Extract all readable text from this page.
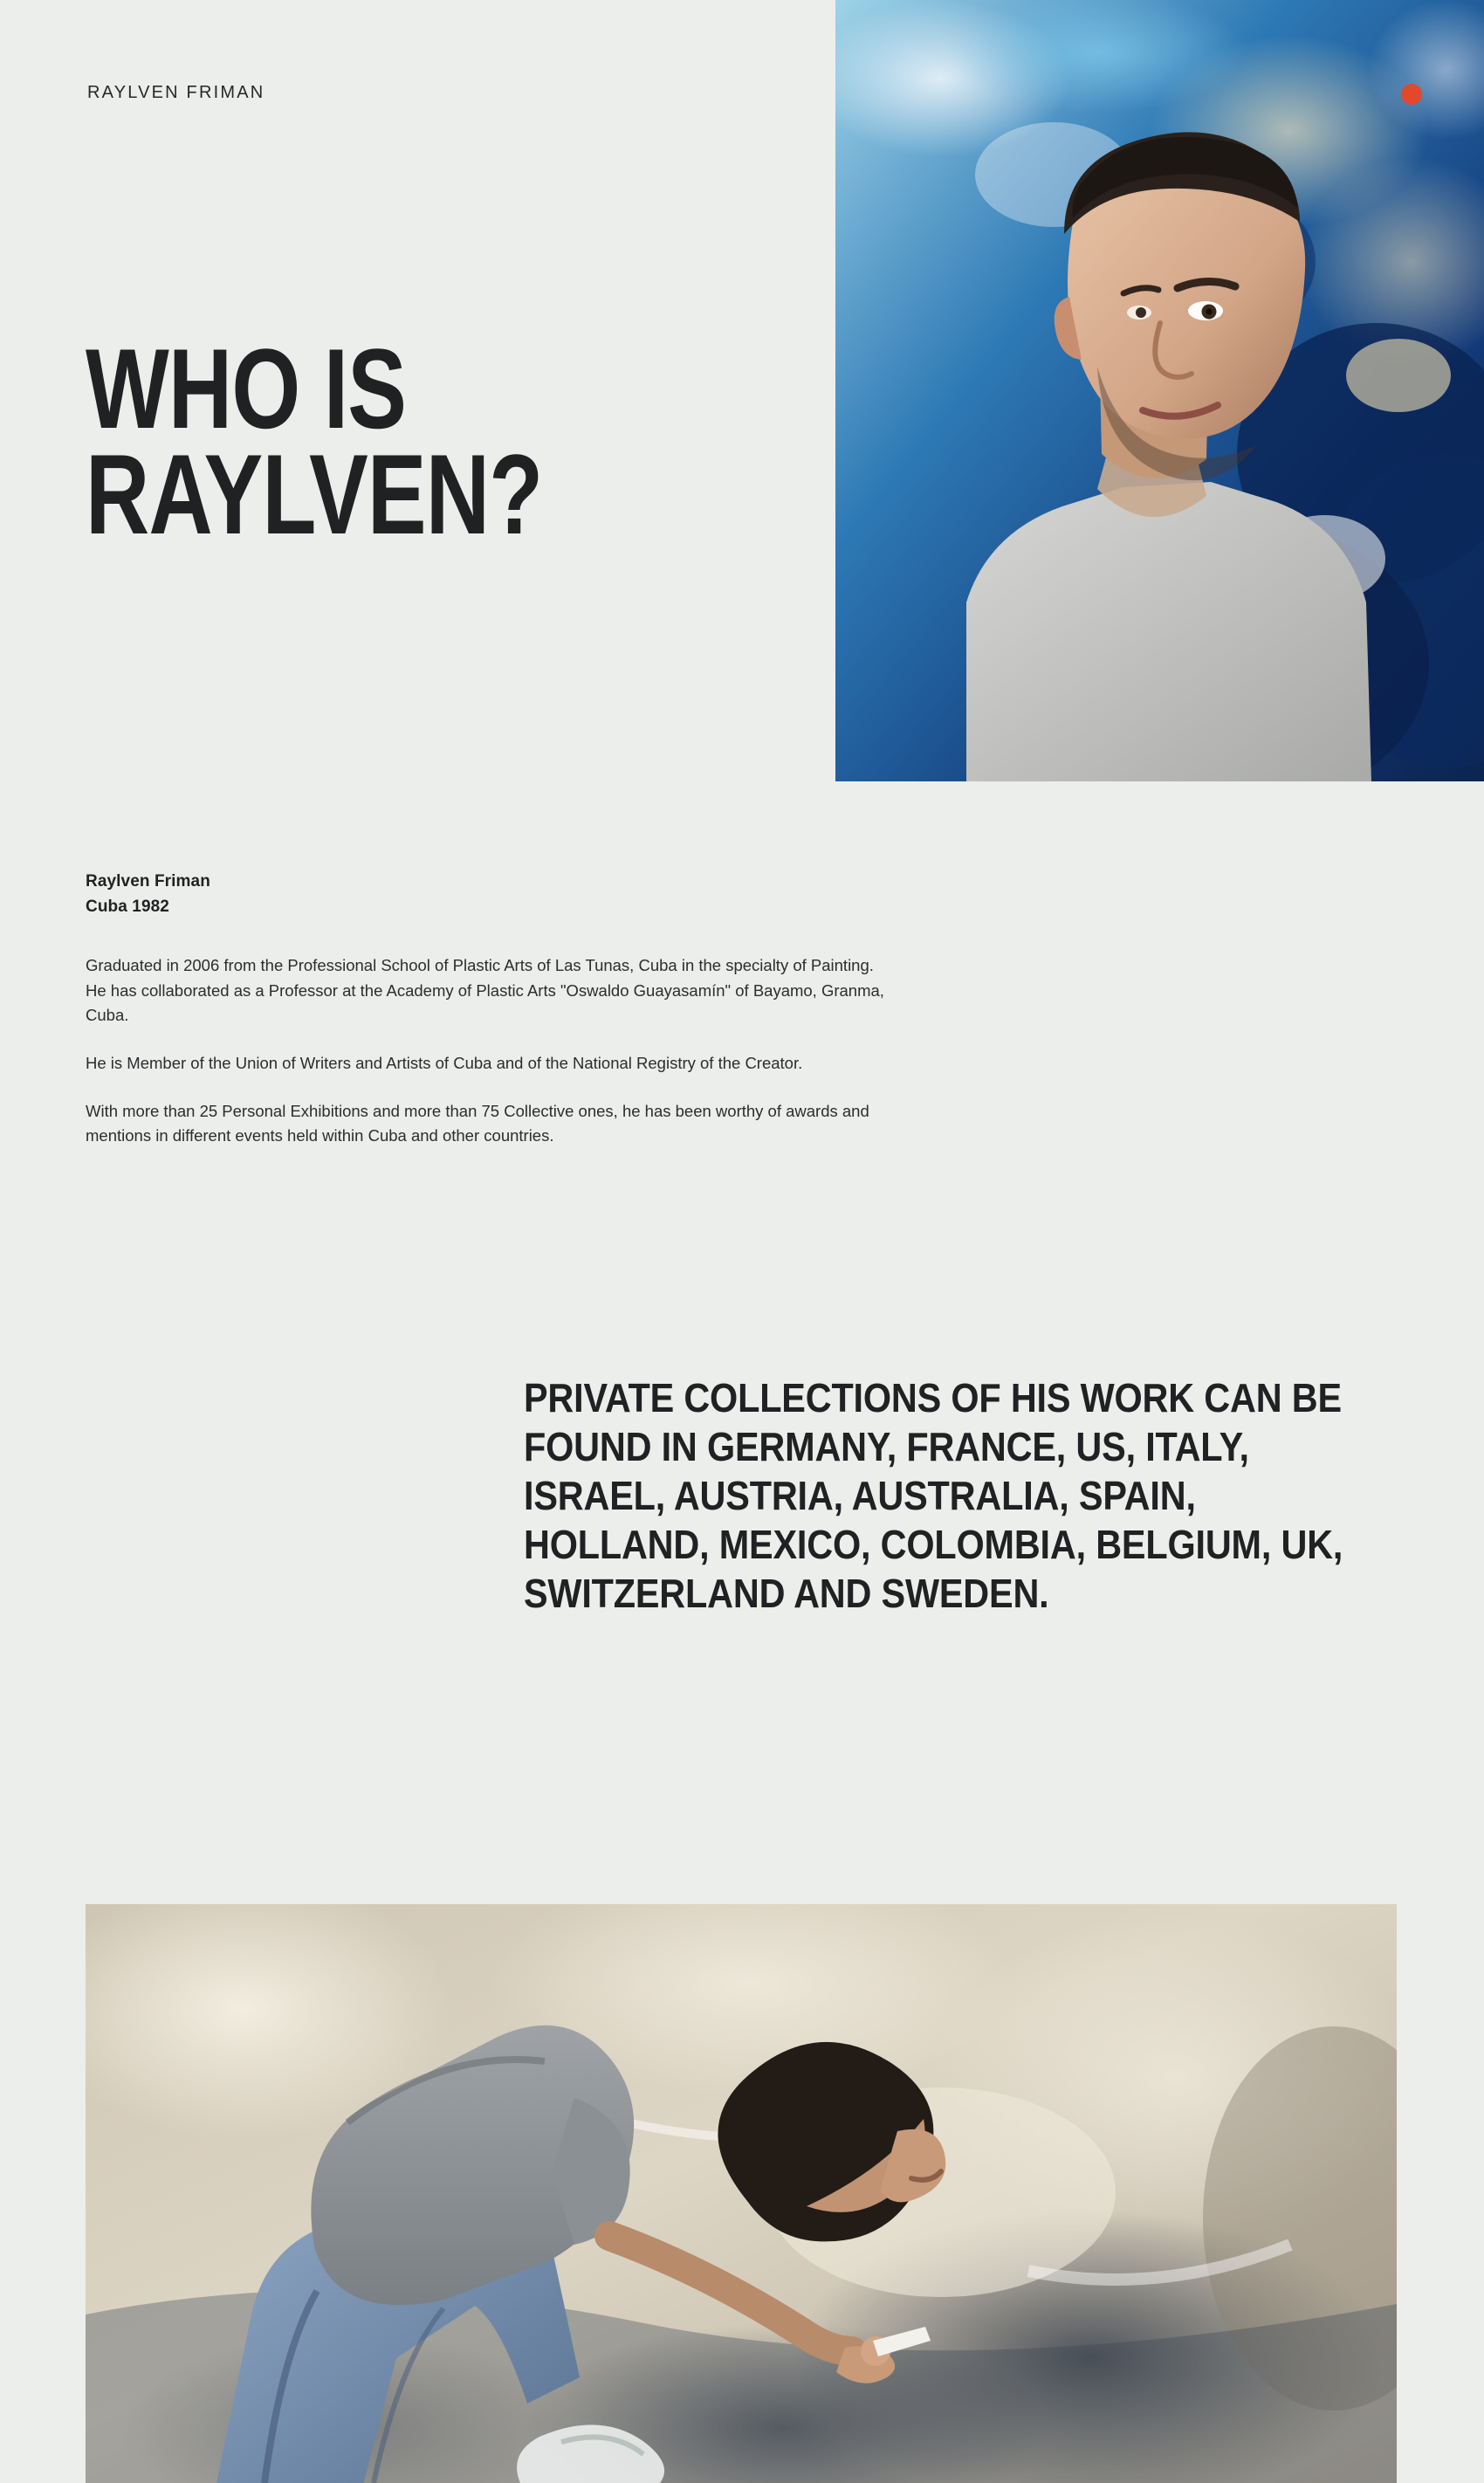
RAYLVEN FRIMAN
WHO IS
RAYLVEN?
Raylven Friman
Cuba 1982

Graduated in 2006 from the Professional School of Plastic Arts of Las Tunas, Cuba in the specialty of Painting. He has collaborated as a Professor at the Academy of Plastic Arts "Oswaldo Guayasamín" of Bayamo, Granma, Cuba.

He is Member of the Union of Writers and Artists of Cuba and of the National Registry of the Creator.

With more than 25 Personal Exhibitions and more than 75 Collective ones, he has been worthy of awards and mentions in different events held within Cuba and other countries.

PRIVATE COLLECTIONS OF HIS WORK CAN BE FOUND IN GERMANY, FRANCE, US, ITALY, ISRAEL, AUSTRIA, AUSTRALIA, SPAIN, HOLLAND, MEXICO, COLOMBIA, BELGIUM, UK, SWITZERLAND AND SWEDEN.
